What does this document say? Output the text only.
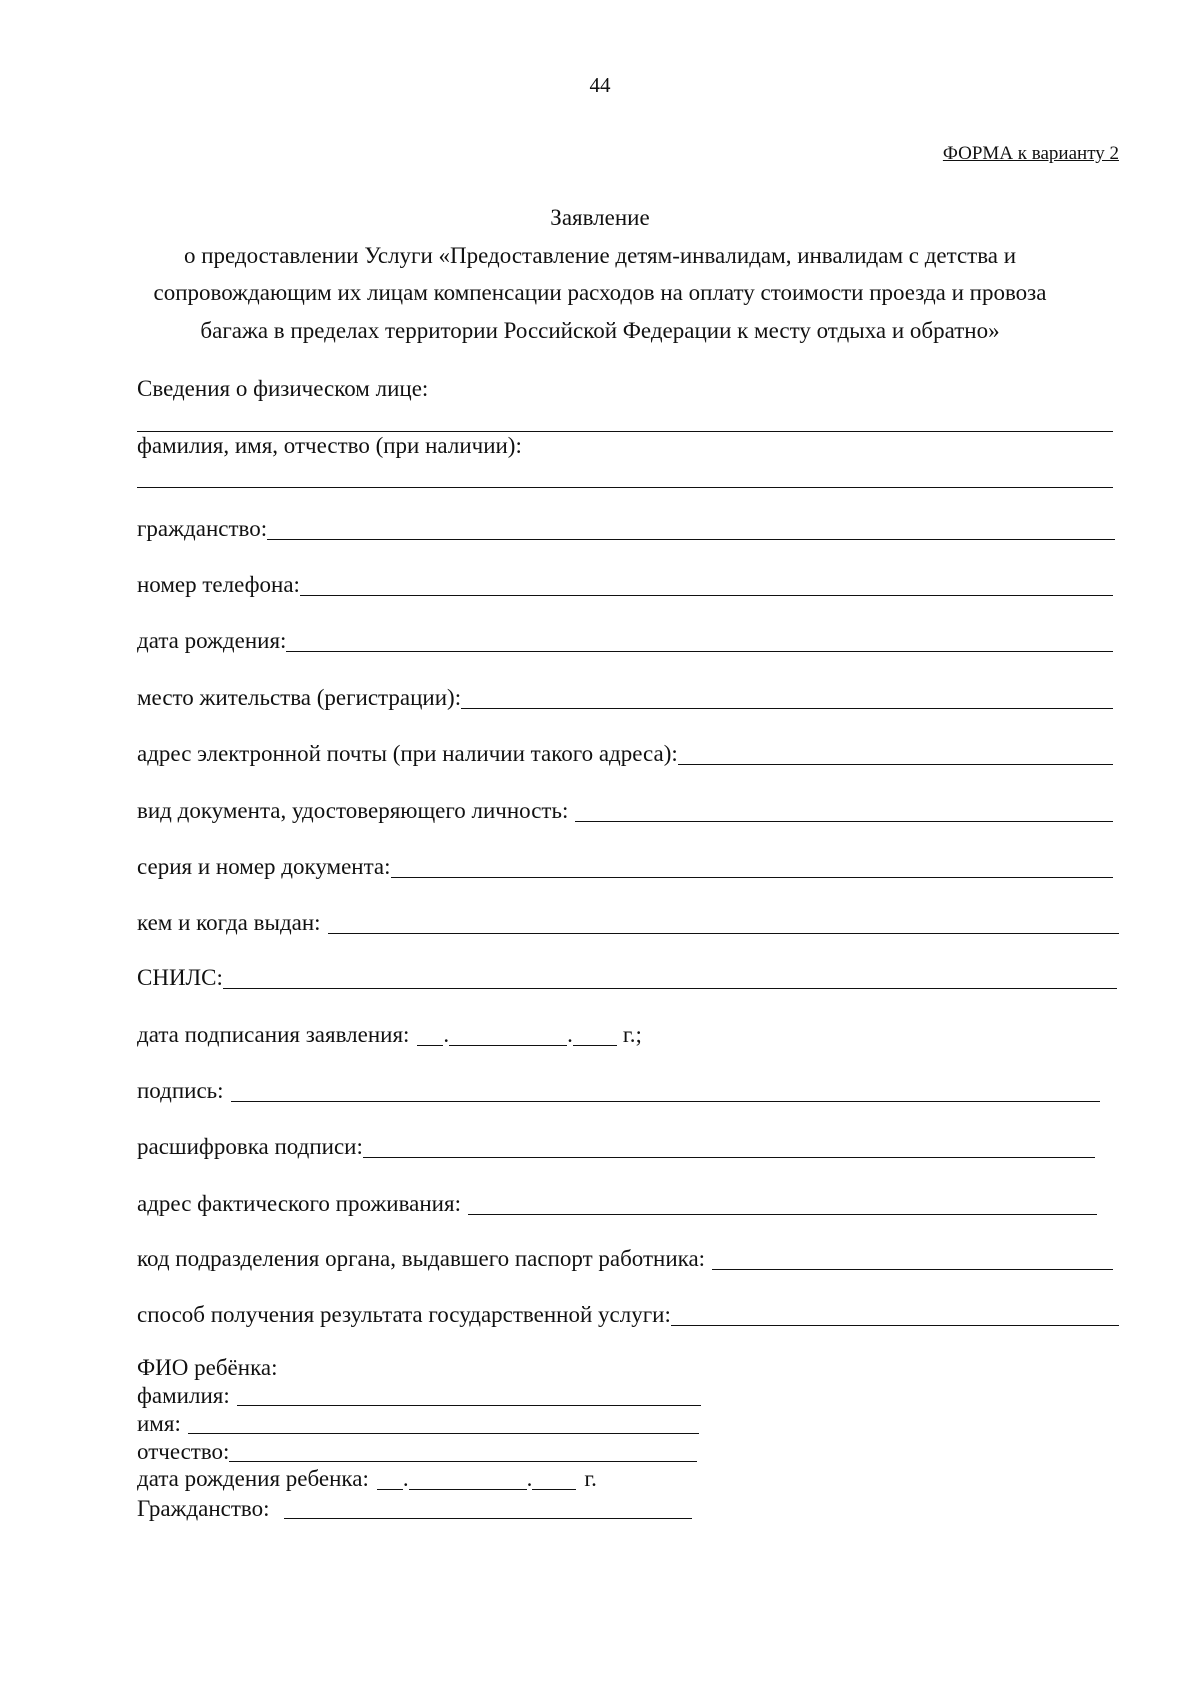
44
ФОРМА к варианту 2
Заявление
о предоставлении Услуги «Предоставление детям-инвалидам, инвалидам с детства и
сопровождающим их лицам компенсации расходов на оплату стоимости проезда и провоза
багажа в пределах территории Российской Федерации к месту отдыха и обратно»
Сведения о физическом лице:
фамилия, имя, отчество (при наличии):
гражданство:
номер телефона:
дата рождения:
место жительства (регистрации):
адрес электронной почты (при наличии такого адреса):
вид документа, удостоверяющего личность:
серия и номер документа:
кем и когда выдан:
СНИЛС:
дата подписания заявления: .	. г.;
подпись:
расшифровка подписи:
адрес фактического проживания:
код подразделения органа, выдавшего паспорт работника:
способ получения результата государственной услуги:
ФИО ребёнка:
фамилия:
имя:
отчество:
дата рождения ребенка: .	. г.
Гражданство:
